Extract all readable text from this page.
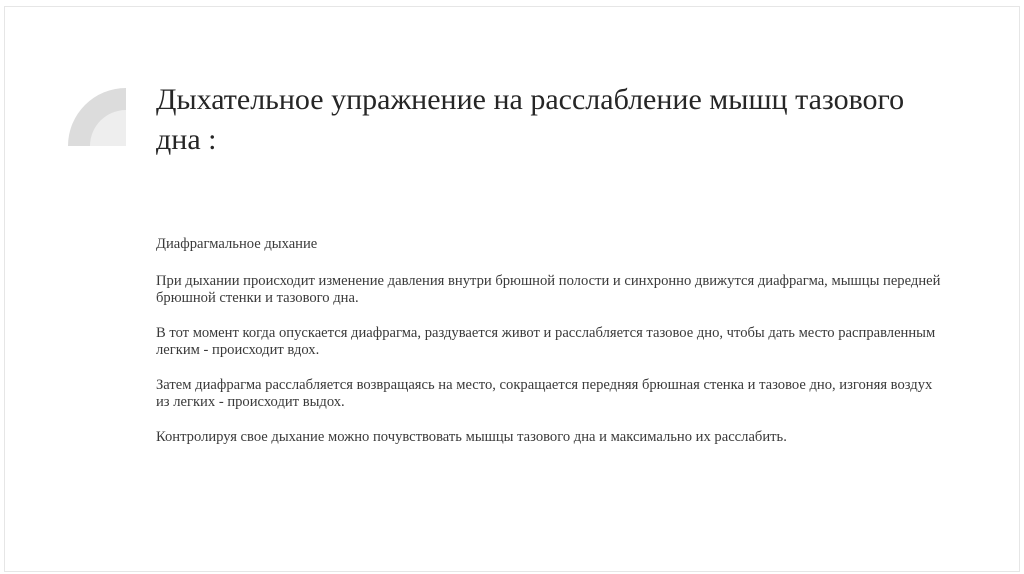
Дыхательное упражнение на расслабление мышц тазового дна :

Диафрагмальное дыхание

При дыхании происходит изменение давления внутри брюшной полости и синхронно движутся диафрагма, мышцы передней брюшной стенки и тазового дна.

В тот момент когда опускается диафрагма, раздувается живот и расслабляется тазовое дно, чтобы дать место расправленным легким - происходит вдох.

Затем диафрагма расслабляется возвращаясь на место, сокращается передняя брюшная стенка и тазовое дно, изгоняя воздух из легких - происходит выдох.

Контролируя свое дыхание можно почувствовать мышцы тазового дна и максимально их расслабить.
